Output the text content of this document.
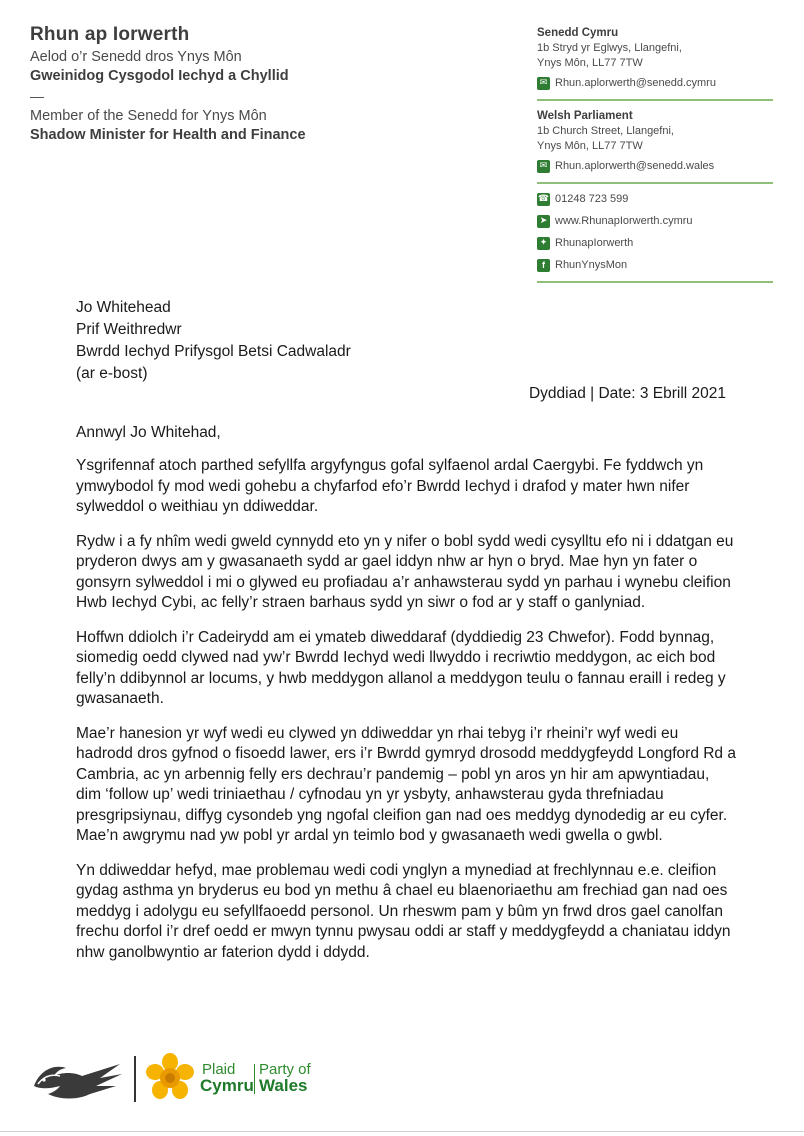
Rhun ap Iorwerth
Aelod o’r Senedd dros Ynys Môn
Gweinidog Cysgodol Iechyd a Chyllid
—
Member of the Senedd for Ynys Môn
Shadow Minister for Health and Finance
Senedd Cymru
1b Stryd yr Eglwys, Llangefni,
Ynys Môn, LL77 7TW
✉ Rhun.aplorwerth@senedd.cymru
Welsh Parliament
1b Church Street, Llangefni,
Ynys Môn, LL77 7TW
✉ Rhun.aplorwerth@senedd.wales
☎ 01248 723 599
➤ www.RhunapIorwerth.cymru
✦ RhunapIorwerth
f RhunYnysMon
Jo Whitehead
Prif Weithredwr
Bwrdd Iechyd Prifysgol Betsi Cadwaladr
(ar e-bost)
Dyddiad | Date: 3 Ebrill 2021
Annwyl Jo Whitehad,

Ysgrifennaf atoch parthed sefyllfa argyfyngus gofal sylfaenol ardal Caergybi. Fe fyddwch yn ymwybodol fy mod wedi gohebu a chyfarfod efo’r Bwrdd Iechyd i drafod y mater hwn nifer sylweddol o weithiau yn ddiweddar.

Rydw i a fy nhîm wedi gweld cynnydd eto yn y nifer o bobl sydd wedi cysylltu efo ni i ddatgan eu pryderon dwys am y gwasanaeth sydd ar gael iddyn nhw ar hyn o bryd. Mae hyn yn fater o gonsyrn sylweddol i mi o glywed eu profiadau a’r anhawsterau sydd yn parhau i wynebu cleifion Hwb Iechyd Cybi, ac felly’r straen barhaus sydd yn siwr o fod ar y staff o ganlyniad.

Hoffwn ddiolch i’r Cadeirydd am ei ymateb diweddaraf (dyddiedig 23 Chwefor). Fodd bynnag, siomedig oedd clywed nad yw’r Bwrdd Iechyd wedi llwyddo i recriwtio meddygon, ac eich bod felly’n ddibynnol ar locums, y hwb meddygon allanol a meddygon teulu o fannau eraill i redeg y gwasanaeth.

Mae’r hanesion yr wyf wedi eu clywed yn ddiweddar yn rhai tebyg i’r rheini’r wyf wedi eu hadrodd dros gyfnod o fisoedd lawer, ers i’r Bwrdd gymryd drosodd meddygfeydd Longford Rd a Cambria, ac yn arbennig felly ers dechrau’r pandemig – pobl yn aros yn hir am apwyntiadau, dim ‘follow up’ wedi triniaethau / cyfnodau yn yr ysbyty, anhawsterau gyda threfniadau presgripsiynau, diffyg cysondeb yng ngofal cleifion gan nad oes meddyg dynodedig ar eu cyfer. Mae’n awgrymu nad yw pobl yr ardal yn teimlo bod y gwasanaeth wedi gwella o gwbl.

Yn ddiweddar hefyd, mae problemau wedi codi ynglyn a mynediad at frechlynnau e.e. cleifion gydag asthma yn bryderus eu bod yn methu â chael eu blaenoriaethu am frechiad gan nad oes meddyg i adolygu eu sefyllfaoedd personol. Un rheswm pam y bûm yn frwd dros gael canolfan frechu dorfol i’r dref oedd er mwyn tynnu pwysau oddi ar staff y meddygfeydd a chaniatau iddyn nhw ganolbwyntio ar faterion dydd i ddydd.

Plaid
Cymru
Party of
Wales
